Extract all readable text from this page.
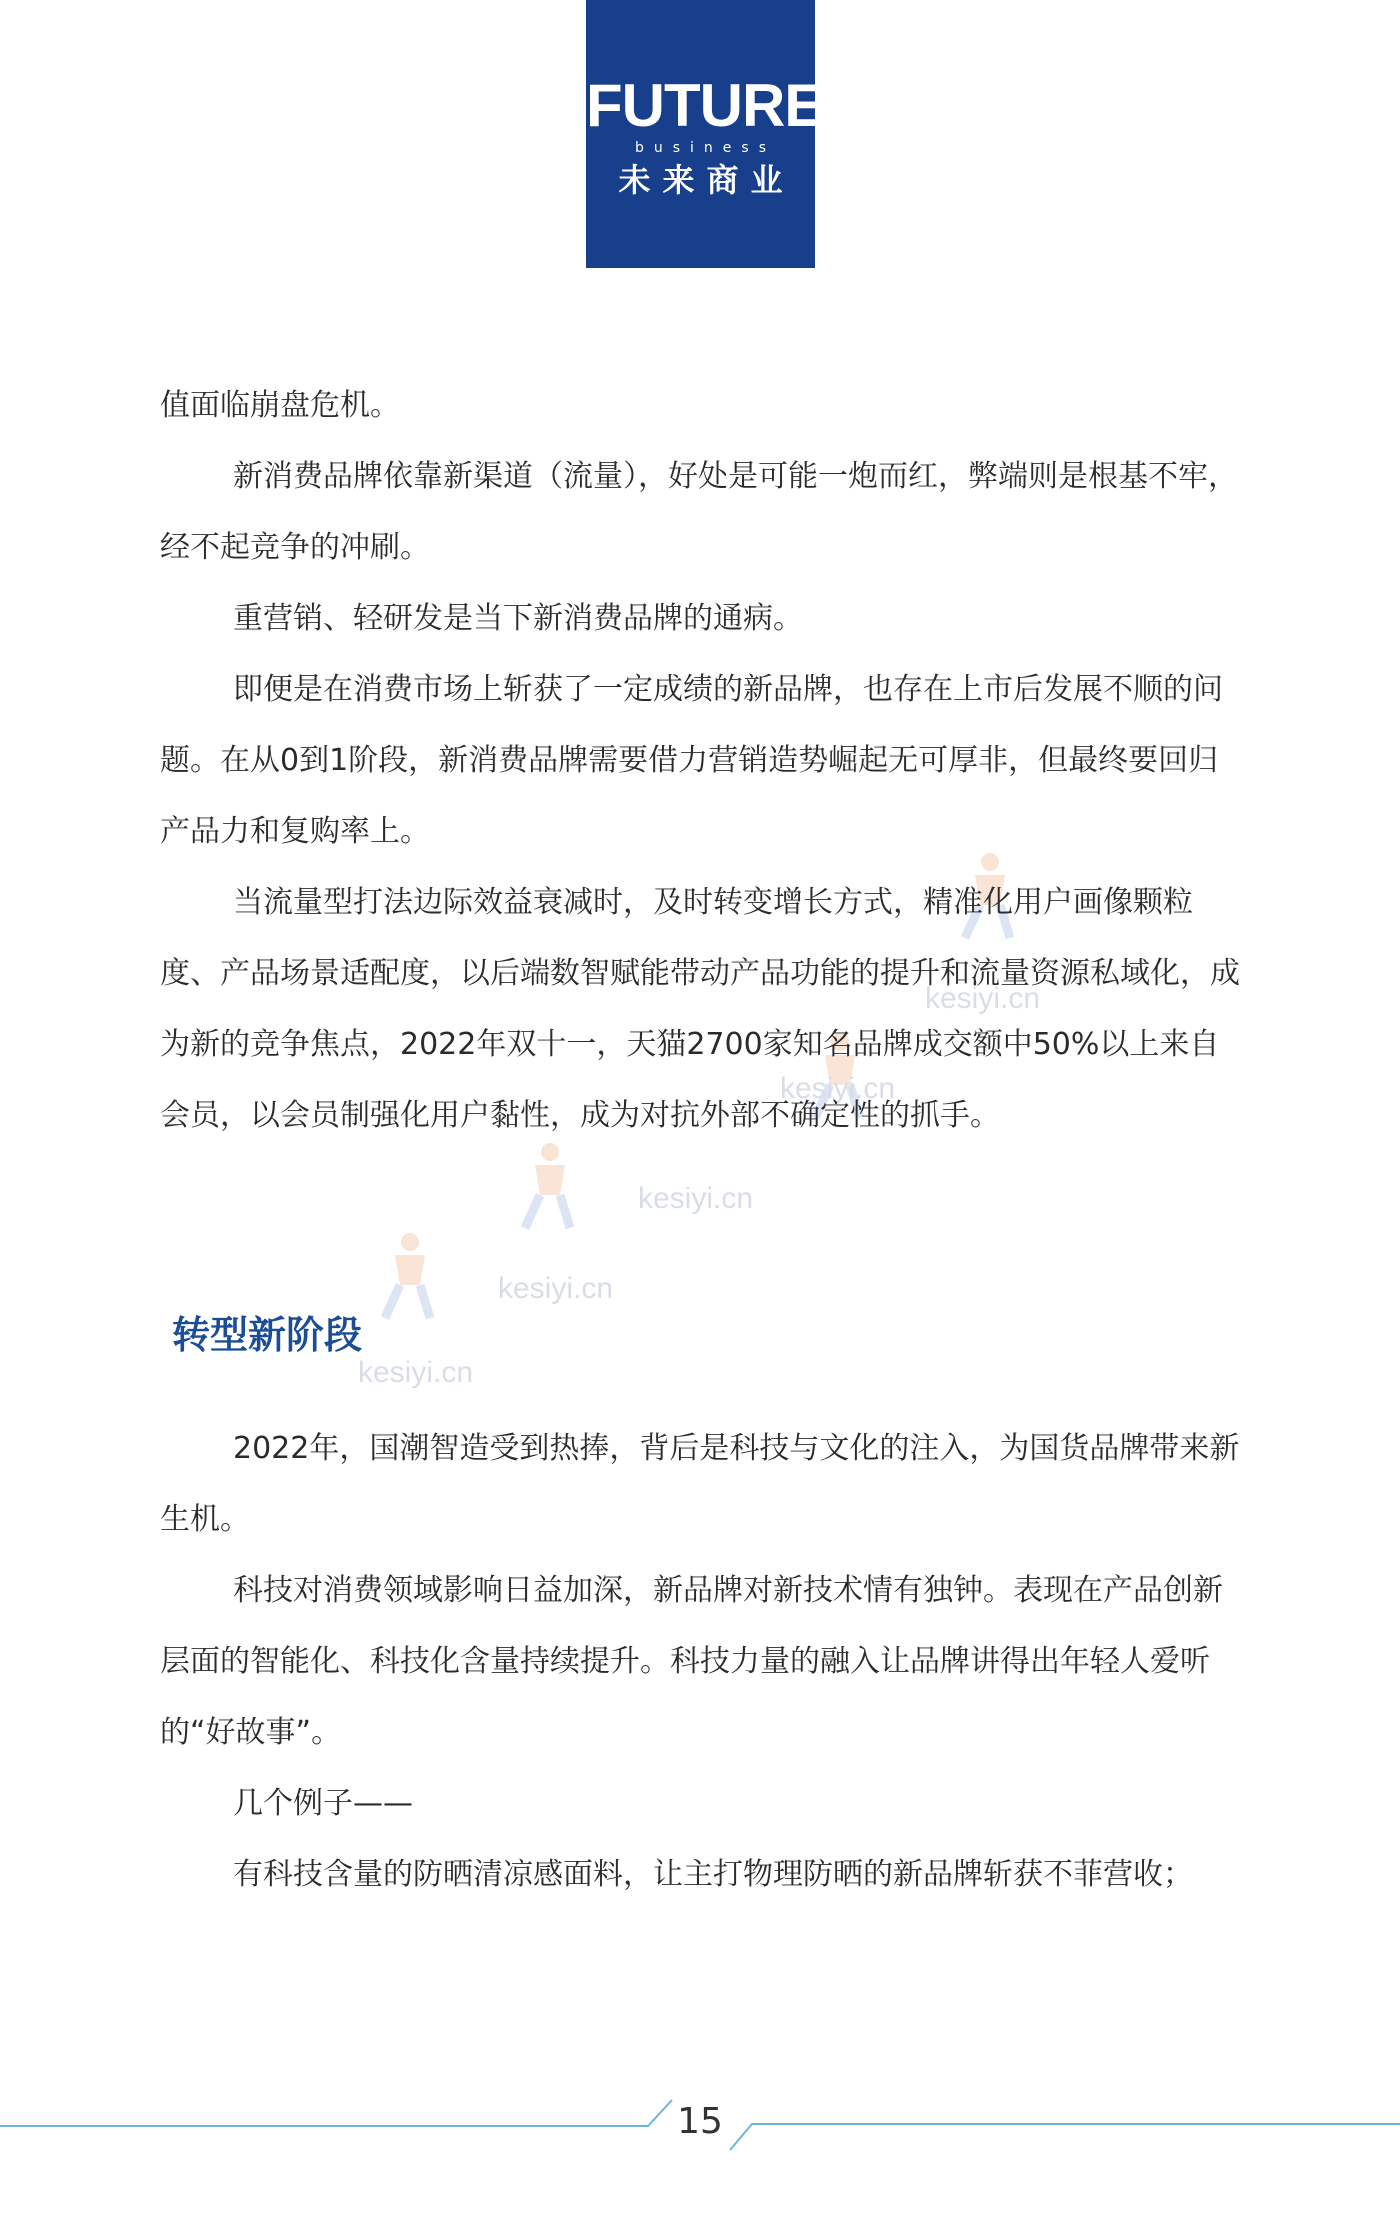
FUTURE
business
未来商业
kesiyi.cn
kesiyi.cn
kesiyi.cn
kesiyi.cn
kesiyi.cn

值面临崩盘危机。

新消费品牌依靠新渠道（流量），好处是可能一炮而红，弊端则是根基不牢，经不起竞争的冲刷。

重营销、轻研发是当下新消费品牌的通病。

即便是在消费市场上斩获了一定成绩的新品牌，也存在上市后发展不顺的问题。在从0到1阶段，新消费品牌需要借力营销造势崛起无可厚非，但最终要回归产品力和复购率上。

当流量型打法边际效益衰减时，及时转变增长方式，精准化用户画像颗粒度、产品场景适配度，以后端数智赋能带动产品功能的提升和流量资源私域化，成为新的竞争焦点，2022年双十一，天猫2700家知名品牌成交额中50%以上来自会员，以会员制强化用户黏性，成为对抗外部不确定性的抓手。

转型新阶段

2022年，国潮智造受到热捧，背后是科技与文化的注入，为国货品牌带来新生机。

科技对消费领域影响日益加深，新品牌对新技术情有独钟。表现在产品创新层面的智能化、科技化含量持续提升。科技力量的融入让品牌讲得出年轻人爱听的“好故事”。

几个例子——

有科技含量的防晒清凉感面料，让主打物理防晒的新品牌斩获不菲营收；

15
